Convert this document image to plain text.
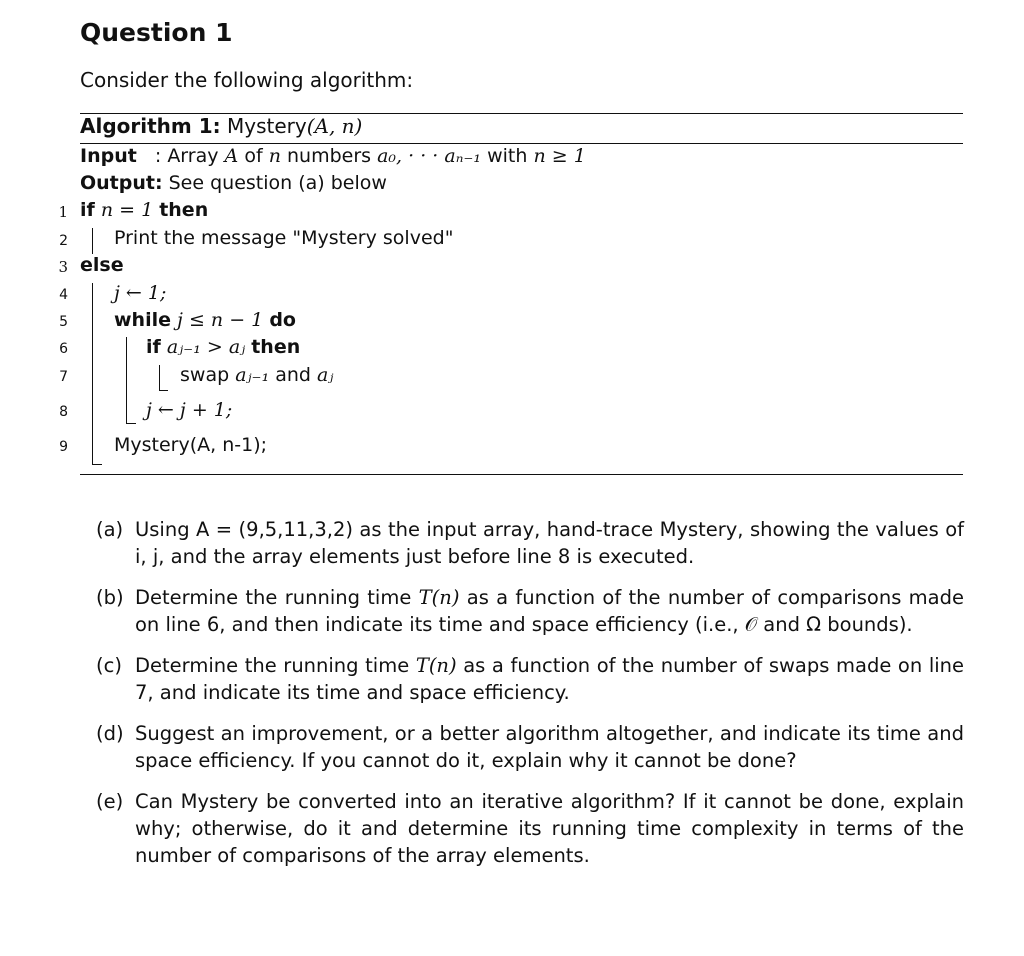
Question 1
Consider the following algorithm:
Algorithm 1: Mystery(A, n)
Input : Array A of n numbers a₀, · · · aₙ₋₁ with n ≥ 1
Output: See question (a) below
1
2
3
4
5
6
7
8
9
if n = 1 then
Print the message "Mystery solved"
else
j ← 1;
while j ≤ n − 1 do
if aⱼ₋₁ > aⱼ then
swap aⱼ₋₁ and aⱼ
j ← j + 1;
Mystery(A, n-1);
(a) Using A = (9,5,11,3,2) as the input array, hand-trace Mystery, showing the values of i, j, and the array elements just before line 8 is executed.
(b) Determine the running time T(n) as a function of the number of comparisons made on line 6, and then indicate its time and space efficiency (i.e., 𝒪 and Ω bounds).
(c) Determine the running time T(n) as a function of the number of swaps made on line 7, and indicate its time and space efficiency.
(d) Suggest an improvement, or a better algorithm altogether, and indicate its time and space efficiency. If you cannot do it, explain why it cannot be done?
(e) Can Mystery be converted into an iterative algorithm? If it cannot be done, explain why; otherwise, do it and determine its running time complexity in terms of the number of comparisons of the array elements.
